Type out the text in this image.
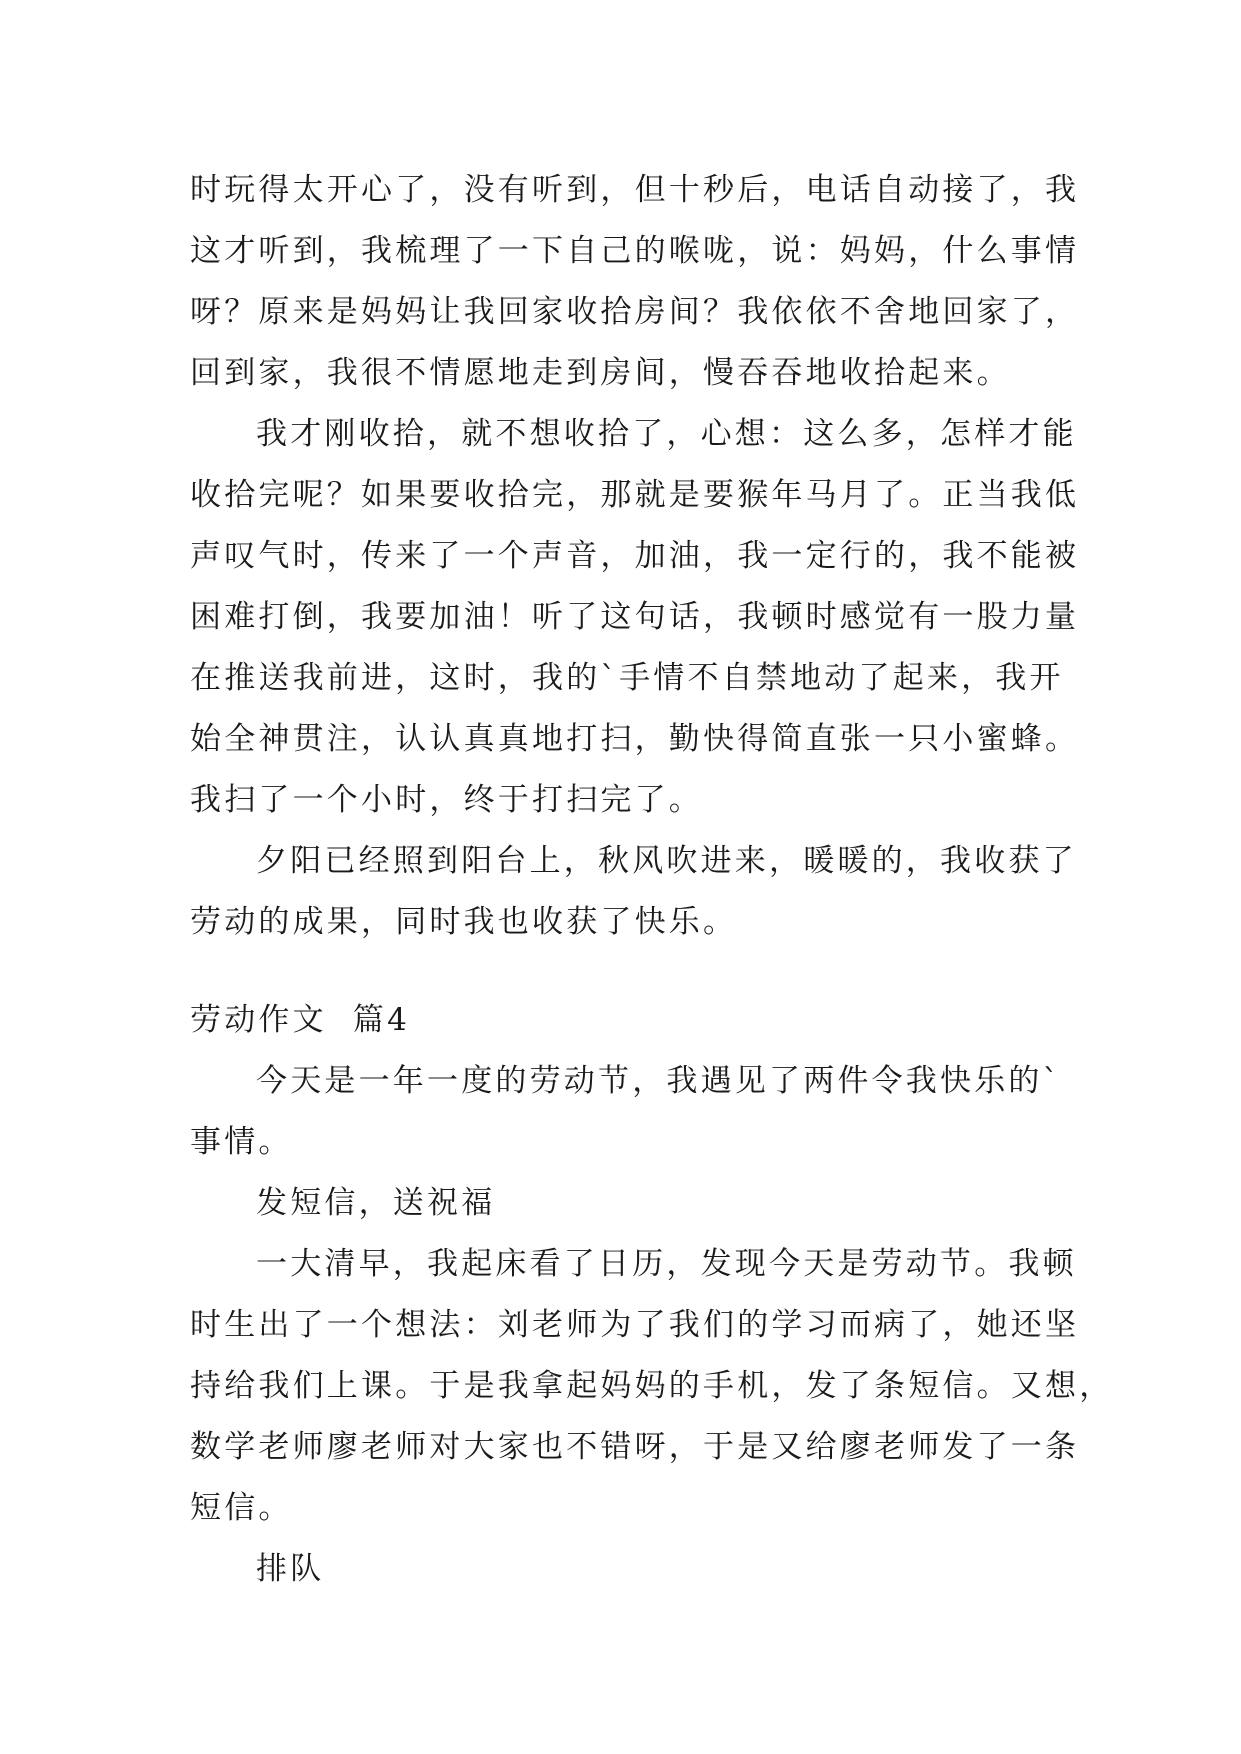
时玩得太开心了，没有听到，但十秒后，电话自动接了，我
这才听到，我梳理了一下自己的喉咙，说：妈妈，什么事情
呀？原来是妈妈让我回家收拾房间？我依依不舍地回家了，
回到家，我很不情愿地走到房间，慢吞吞地收拾起来。
我才刚收拾，就不想收拾了，心想：这么多，怎样才能
收拾完呢？如果要收拾完，那就是要猴年马月了。正当我低
声叹气时，传来了一个声音，加油，我一定行的，我不能被
困难打倒，我要加油！听了这句话，我顿时感觉有一股力量
在推送我前进，这时，我的`手情不自禁地动了起来，我开
始全神贯注，认认真真地打扫，勤快得简直张一只小蜜蜂。
我扫了一个小时，终于打扫完了。
夕阳已经照到阳台上，秋风吹进来，暖暖的，我收获了
劳动的成果，同时我也收获了快乐。
劳动作文  篇4
今天是一年一度的劳动节，我遇见了两件令我快乐的`
事情。
发短信，送祝福
一大清早，我起床看了日历，发现今天是劳动节。我顿
时生出了一个想法：刘老师为了我们的学习而病了，她还坚
持给我们上课。于是我拿起妈妈的手机，发了条短信。又想，
数学老师廖老师对大家也不错呀，于是又给廖老师发了一条
短信。
排队
